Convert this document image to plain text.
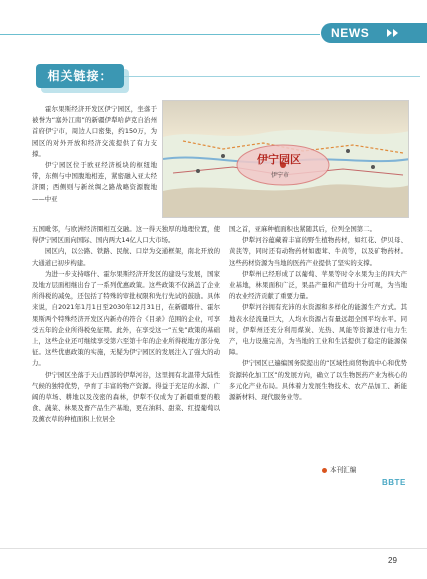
NEWS
相关链接：

霍尔果斯经济开发区伊宁园区，坐落于被誉为“塞外江南”的新疆伊犁哈萨克自治州首府伊宁市，周边人口密集，约150万，为园区的对外开放和经济交流提供了有力支撑。

伊宁园区位于欧亚经济板块的枢纽地带，东侧与中国腹地相连，紧密融入亚太经济圈；西侧则与新丝绸之路战略资源腹地——中亚

伊宁园区
伊宁市

五国毗邻，与欧洲经济圈相互交融。这一得天独厚的地理位置，使得伊宁园区面向国际、国内两大14亿人口大市场。

园区内，以公路、铁路、民航、口岸为交通框架，南北开放的大通道已初步构建。

为进一步支持喀什、霍尔果斯经济开发区的建设与发展，国家及地方层面相继出台了一系列优惠政策。这些政策不仅涵盖了企业所得税的减免，还包括了特殊的审批权限和先行先试的鼓励。具体来说，自2021年1月1日至2030年12月31日，在新疆喀什、霍尔果斯两个特殊经济开发区内新办的符合《目录》范围的企业，可享受五年的企业所得税免征期。此外，在享受这一“五免”政策的基础上，这些企业还可继续享受第六至第十年的企业所得税地方部分免征。这些优惠政策的实施，无疑为伊宁园区的发展注入了强大的动力。

伊宁园区坐落于天山西部的伊犁河谷，这里拥有北温带大陆性气候的独特优势，孕育了丰富的物产资源。得益于充足的水源、广阔的草场、耕地以及茂密的森林，伊犁不仅成为了新疆重要的粮食、蔬菜、林果及畜产品生产基地，更在油料、甜菜、红提葡萄以及薰衣草的种植面积上位居全

国之首，亚麻种植面积也紧随其后，位列全国第二。

伊犁河谷蕴藏着丰富的野生植物药材，如红花、伊贝母、黄芪等，同时还有动物药材如鹿茸、牛黄等，以及矿物药材。这些药材资源为当地的医药产业提供了坚实的支撑。

伊犁州已经形成了以葡萄、苹果等时令水果为主的四大产业基地，林果面积广泛，果品产量和产值均十分可观，为当地的农业经济贡献了重要力量。

伊犁河谷拥有充沛的水资源和多样化的能源生产方式。其地表水径流量巨大，人均水资源占有量远超全国平均水平。同时，伊犁州还充分利用煤炭、光热、风能等资源进行电力生产，电力设施完善，为当地的工业和生活提供了稳定的能源保障。

伊宁园区已遍编国务院提出的“区域性商贸物流中心和优势资源转化加工区”的发展方向，确立了以生物医药产业为核心的多元化产业布局。具体着力发展生物技术、农产品加工、新能源新材料、现代服务业等。

本刊汇编
BBTE
29
